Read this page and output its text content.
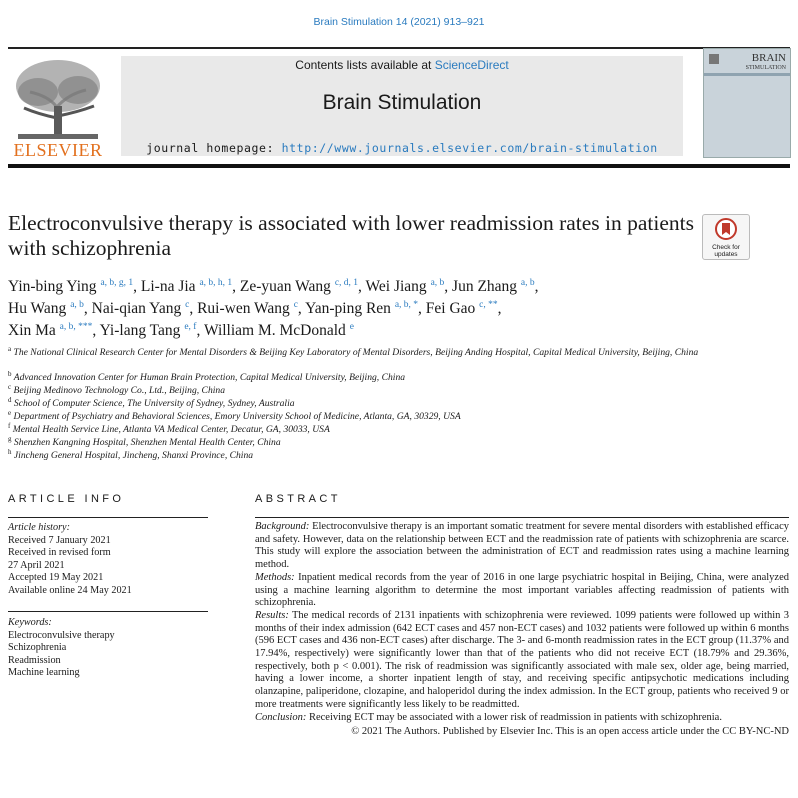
Brain Stimulation 14 (2021) 913–921
ELSEVIER
Contents lists available at ScienceDirect
Brain Stimulation
journal homepage: http://www.journals.elsevier.com/brain-stimulation
BRAIN
STIMULATION
Electroconvulsive therapy is associated with lower readmission rates in patients with schizophrenia	Check for updates
Yin-bing Ying $^{a, b, g, 1}$, Li-na Jia $^{a, b, h, 1}$, Ze-yuan Wang $^{c, d, 1}$, Wei Jiang $^{a, b}$, Jun Zhang $^{a, b}$,
Hu Wang $^{a, b}$, Nai-qian Yang $^c$, Rui-wen Wang $^c$, Yan-ping Ren $^{a, b, *}$, Fei Gao $^{c, **}$,
Xin Ma $^{a, b, ***}$, Yi-lang Tang $^{e, f}$, William M. McDonald $^e$
$^a$ The National Clinical Research Center for Mental Disorders & Beijing Key Laboratory of Mental Disorders, Beijing Anding Hospital, Capital Medical University, Beijing, China
$^b$ Advanced Innovation Center for Human Brain Protection, Capital Medical University, Beijing, China
$^c$ Beijing Medinovo Technology Co., Ltd., Beijing, China
$^d$ School of Computer Science, The University of Sydney, Sydney, Australia
$^e$ Department of Psychiatry and Behavioral Sciences, Emory University School of Medicine, Atlanta, GA, 30329, USA
$^f$ Mental Health Service Line, Atlanta VA Medical Center, Decatur, GA, 30033, USA
$^g$ Shenzhen Kangning Hospital, Shenzhen Mental Health Center, China
$^h$ Jincheng General Hospital, Jincheng, Shanxi Province, China
ARTICLE INFO
Article history:
Received 7 January 2021
Received in revised form
27 April 2021
Accepted 19 May 2021
Available online 24 May 2021
Keywords:
Electroconvulsive therapy
Schizophrenia
Readmission
Machine learning
ABSTRACT

Background: Electroconvulsive therapy is an important somatic treatment for severe mental disorders with established efficacy and safety. However, data on the relationship between ECT and the readmission rate of patients with schizophrenia are scarce. This study will explore the association between the administration of ECT and readmission rates using a machine learning method.

Methods: Inpatient medical records from the year of 2016 in one large psychiatric hospital in Beijing, China, were analyzed using a machine learning algorithm to determine the most important variables affecting readmission of patients with schizophrenia.

Results: The medical records of 2131 inpatients with schizophrenia were reviewed. 1099 patients were followed up within 3 months of their index admission (642 ECT cases and 457 non-ECT cases) and 1032 patients were followed up within 6 months (596 ECT cases and 436 non-ECT cases) after discharge. The 3- and 6-month readmission rates in the ECT group (11.37% and 17.94%, respectively) were significantly lower than that of the patients who did not receive ECT (18.79% and 29.36%, respectively, both p < 0.001). The risk of readmission was significantly associated with male sex, older age, being married, having a lower income, a shorter inpatient length of stay, and receiving specific antipsychotic medications including olanzapine, paliperidone, clozapine, and haloperidol during the index admission. In the ECT group, patients who received 9 or more treatments were significantly less likely to be readmitted.

Conclusion: Receiving ECT may be associated with a lower risk of readmission in patients with schizophrenia.

© 2021 The Authors. Published by Elsevier Inc. This is an open access article under the CC BY-NC-ND
